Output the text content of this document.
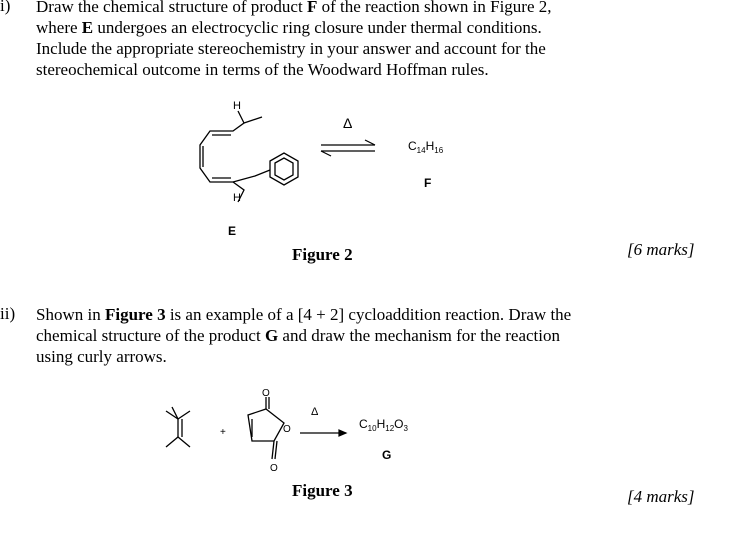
i) Draw the chemical structure of product F of the reaction shown in Figure 2,
where E undergoes an electrocyclic ring closure under thermal conditions.
Include the appropriate stereochemistry in your answer and account for the
stereochemical outcome in terms of the Woodward Hoffman rules.
H
H
E
Δ
$C_{14}H_{16}$
F
Figure 2	[6 marks]
ii) Shown in Figure 3 is an example of a [4 + 2] cycloaddition reaction. Draw the
chemical structure of the product G and draw the mechanism for the reaction
using curly arrows.
+
O
O
O
Δ
$C_{10}H_{12}O_3$
G
Figure 3	[4 marks]
